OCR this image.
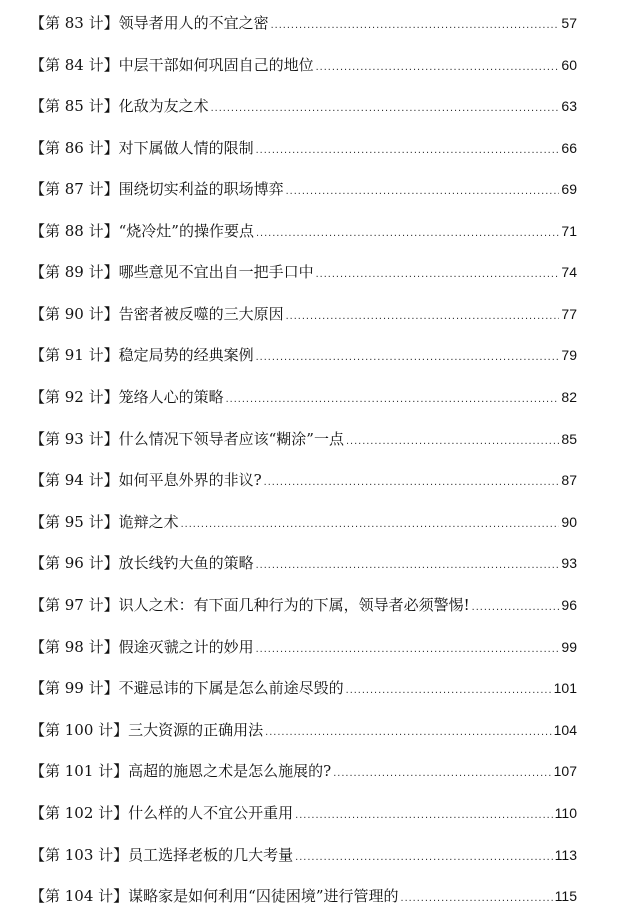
【第 83 计】领导者用人的不宜之密 .....	57
【第 84 计】中层干部如何巩固自己的地位 .....	60
【第 85 计】化敌为友之术 .....	63
【第 86 计】对下属做人情的限制 .....	66
【第 87 计】围绕切实利益的职场博弈 .....	69
【第 88 计】“烧冷灶”的操作要点 .....	71
【第 89 计】哪些意见不宜出自一把手口中 .....	74
【第 90 计】告密者被反噬的三大原因 .....	77
【第 91 计】稳定局势的经典案例 .....	79
【第 92 计】笼络人心的策略 .....	82
【第 93 计】什么情况下领导者应该“糊涂”一点 .....	85
【第 94 计】如何平息外界的非议? .....	87
【第 95 计】诡辩之术 .....	90
【第 96 计】放长线钓大鱼的策略 .....	93
【第 97 计】识人之术：有下面几种行为的下属，领导者必须警惕! .....	96
【第 98 计】假途灭虢之计的妙用 .....	99
【第 99 计】不避忌讳的下属是怎么前途尽毁的 .....	101
【第 100 计】三大资源的正确用法 .....	104
【第 101 计】高超的施恩之术是怎么施展的? .....	107
【第 102 计】什么样的人不宜公开重用 .....	110
【第 103 计】员工选择老板的几大考量 .....	113
【第 104 计】谋略家是如何利用“囚徒困境”进行管理的 .....	115
